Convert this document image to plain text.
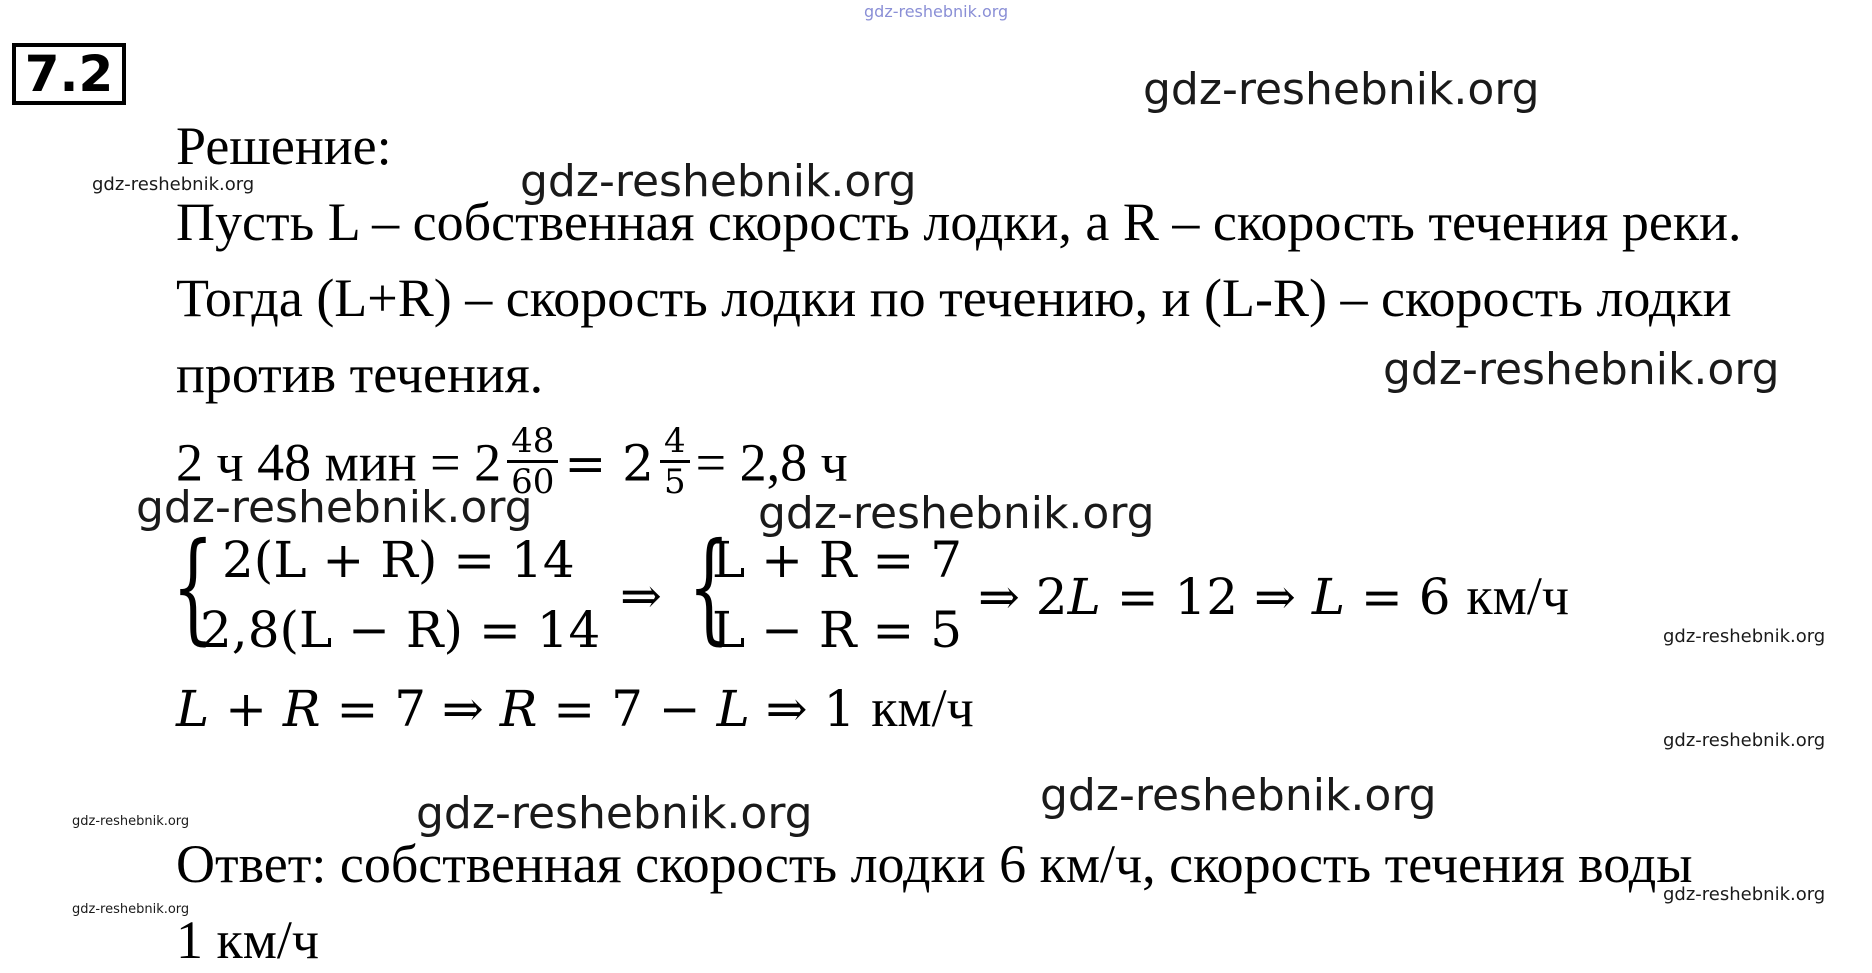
7.2
Решение:
Пусть L – собственная скорость лодки, а R – скорость течения реки.
Тогда (L+R) – скорость лодки по течению, и (L-R) – скорость лодки
против течения.
2 ч 48 мин = $2 \frac{48}{60} = 2 \frac{4}{5} = 2,8$ ч
{ 2(L + R) = 14
2,8(L − R) = 14
⇒ {
L + R = 7
L − R = 5
⇒ 2L = 12 ⇒ L = 6 км/ч
L + R = 7 ⇒ R = 7 − L ⇒ 1 км/ч
Ответ: собственная скорость лодки 6 км/ч, скорость течения воды
1 км/ч
gdz-reshebnik.org
gdz-reshebnik.org
gdz-reshebnik.org	gdz-reshebnik.org
gdz-reshebnik.org
gdz-reshebnik.org	gdz-reshebnik.org
gdz-reshebnik.org
gdz-reshebnik.org
gdz-reshebnik.org
gdz-reshebnik.org
gdz-reshebnik.org
gdz-reshebnik.org
gdz-reshebnik.org
